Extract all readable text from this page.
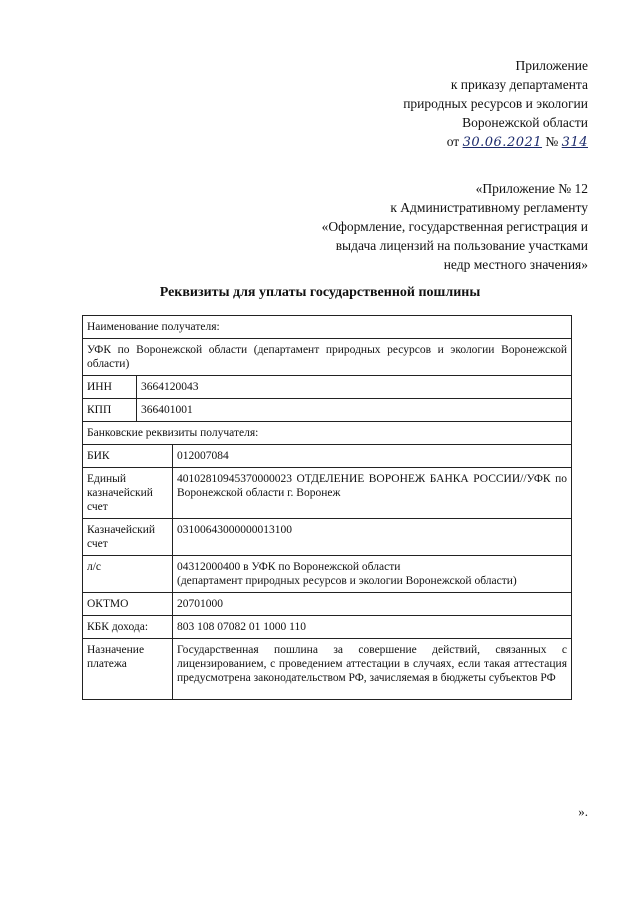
Приложение
к приказу департамента
природных ресурсов и экологии
Воронежской области
от 30.06.2021 № 314
«Приложение № 12
к Административному регламенту
«Оформление, государственная регистрация и
выдача лицензий на пользование участками
недр местного значения»
Реквизиты для уплаты государственной пошлины
Наименование получателя:		
УФК по Воронежской области (департамент природных ресурсов и экологии Воронежской области)		
ИНН	3664120043	
КПП	366401001	
Банковские реквизиты получателя:		
БИК		012007084
Единый казначейский счет		40102810945370000023 ОТДЕЛЕНИЕ ВОРОНЕЖ БАНКА РОССИИ//УФК по Воронежской области г. Воронеж
Казначейский счет		03100643000000013100
л/с		04312000400 в УФК по Воронежской области
(департамент природных ресурсов и экологии Воронежской области)

ОКТМО		20701000
КБК дохода:		803 108 07082 01 1000 110
Назначение платежа		Государственная пошлина за совершение действий, связанных с лицензированием, с проведением аттестации в случаях, если такая аттестация предусмотрена законодательством РФ, зачисляемая в бюджеты субъектов РФ
».
